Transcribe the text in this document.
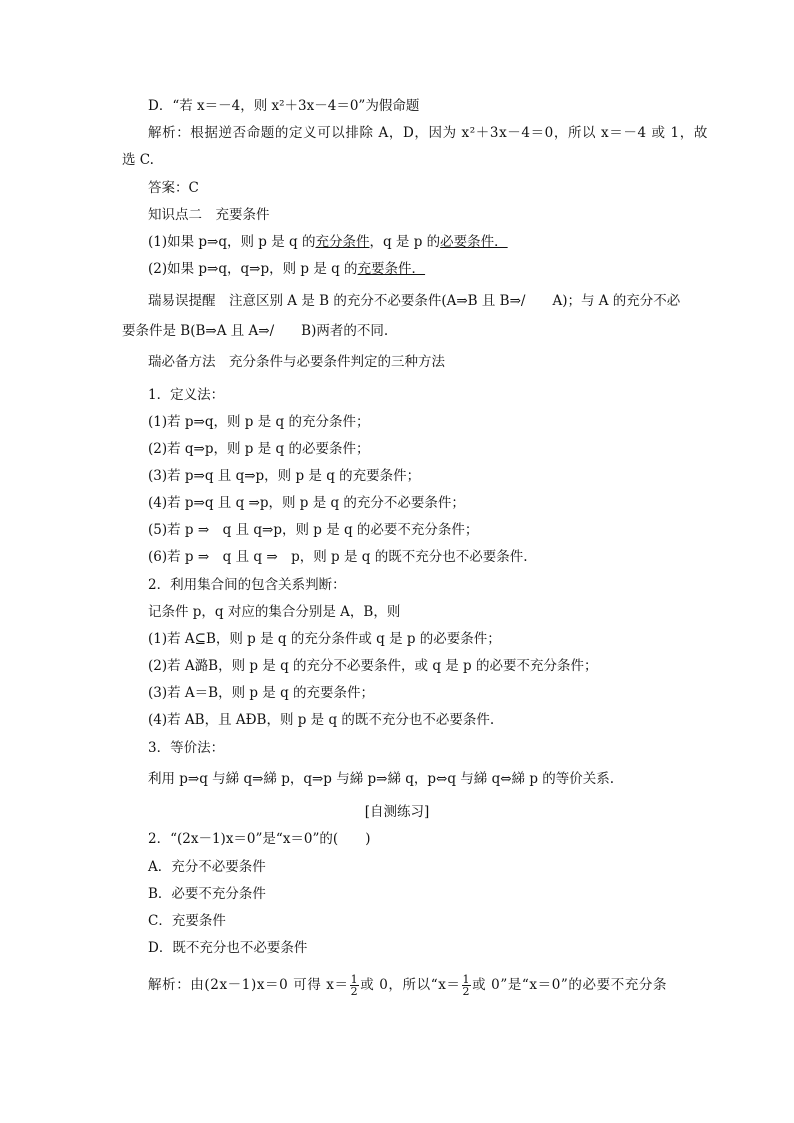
D．“若 x＝－4，则 x²＋3x－4＝0”为假命题
解析：根据逆否命题的定义可以排除 A，D，因为 x²＋3x－4＝0，所以 x＝－4 或 1，故
选 C.
答案：C
知识点二　充要条件
(1)如果 p⇒q，则 p 是 q 的充分条件，q 是 p 的必要条件．
(2)如果 p⇒q，q⇒p，则 p 是 q 的充要条件．
瑞易误提醒　注意区别 A 是 B 的充分不必要条件(A⇒B 且 B⇒/　　A)；与 A 的充分不必
要条件是 B(B⇒A 且 A⇒/　　B)两者的不同.
瑞必备方法　充分条件与必要条件判定的三种方法
1．定义法：
(1)若 p⇒q，则 p 是 q 的充分条件；
(2)若 q⇒p，则 p 是 q 的必要条件；
(3)若 p⇒q 且 q⇒p，则 p 是 q 的充要条件；
(4)若 p⇒q 且 q ⇒p，则 p 是 q 的充分不必要条件；
(5)若 p ⇒　q 且 q⇒p，则 p 是 q 的必要不充分条件；
(6)若 p ⇒　q 且 q ⇒　p，则 p 是 q 的既不充分也不必要条件.
2．利用集合间的包含关系判断：
记条件 p，q 对应的集合分别是 A，B，则
(1)若 A⊆B，则 p 是 q 的充分条件或 q 是 p 的必要条件；
(2)若 A潞B，则 p 是 q 的充分不必要条件，或 q 是 p 的必要不充分条件；
(3)若 A＝B，则 p 是 q 的充要条件；
(4)若 AB，且 AÐB，则 p 是 q 的既不充分也不必要条件.
3．等价法：
利用 p⇒q 与綈 q⇒綈 p，q⇒p 与綈 p⇒綈 q，p⇔q 与綈 q⇔綈 p 的等价关系.
[自测练习]
2．“(2x－1)x＝0”是“x＝0”的(　　)
A．充分不必要条件
B．必要不充分条件
C．充要条件
D．既不充分也不必要条件
解析：由(2x－1)x＝0 可得 $x= \frac{1}{2}$ 或 0，所以“$x= \frac{1}{2}$ 或 0”是“x＝0”的必要不充分条
